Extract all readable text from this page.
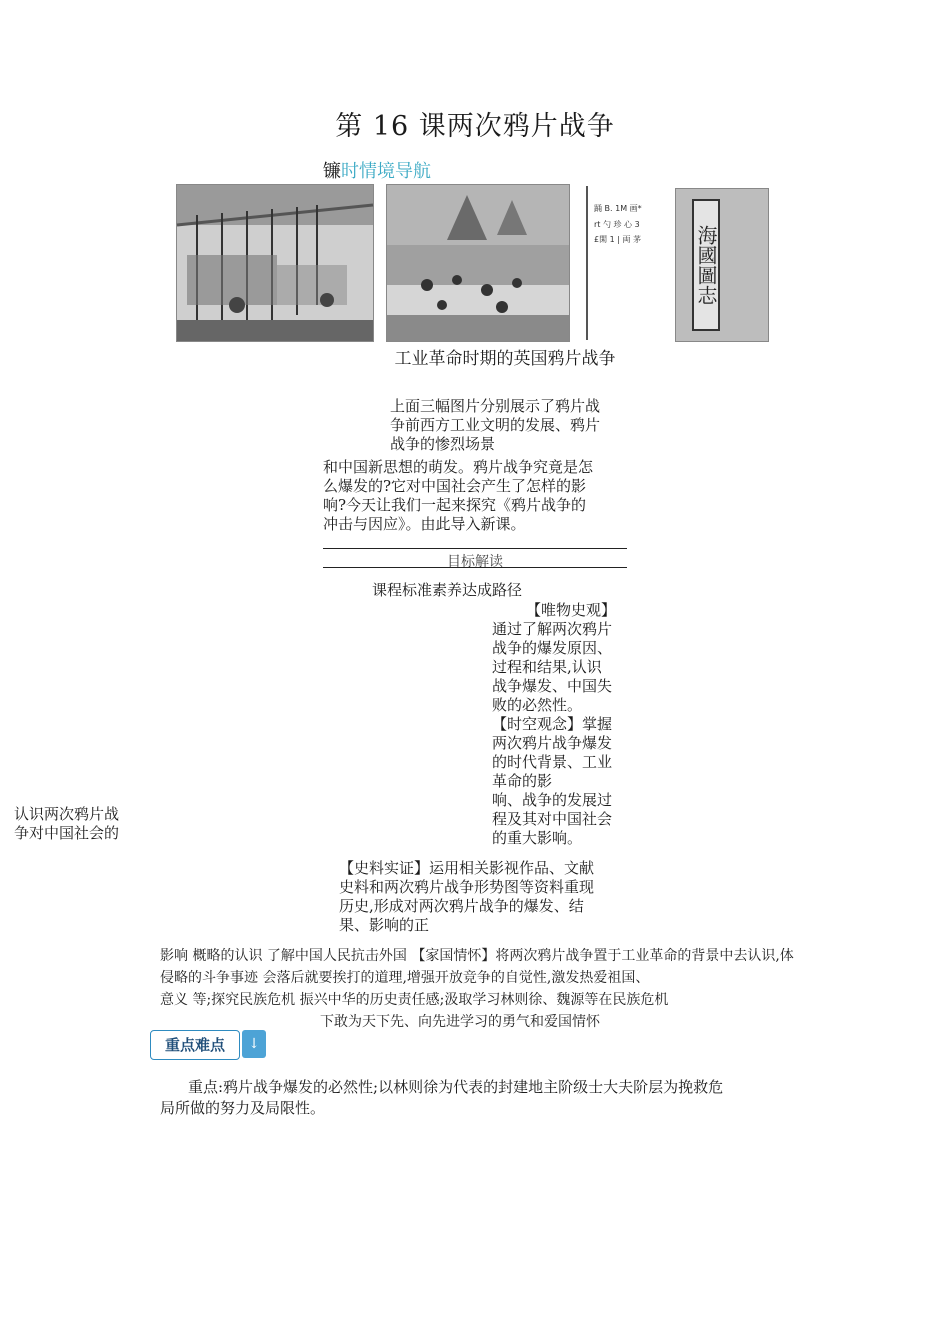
第 16 课两次鸦片战争
镰时情境导航
踊 B. 1M 画*
rt 勺 珍 心 3
£閑 1 | 両 茅	海國圖志
工业革命时期的英国鸦片战争
上面三幅图片分别展示了鸦片战
争前西方工业文明的发展、鸦片
战争的惨烈场景
和中国新思想的萌发。鸦片战争究竟是怎
么爆发的?它对中国社会产生了怎样的影
响?今天让我们一起来探究《鸦片战争的
冲击与因应》。由此导入新课。
目标解读
课程标准素养达成路径
【唯物史观】
通过了解两次鸦片
战争的爆发原因、
过程和结果,认识
战争爆发、中国失
败的必然性。
【时空观念】掌握
两次鸦片战争爆发
的时代背景、工业
革命的影
响、战争的发展过
程及其对中国社会
的重大影响。
认识两次鸦片战
争对中国社会的
【史料实证】运用相关影视作品、文献
史料和两次鸦片战争形势图等资料重现
历史,形成对两次鸦片战争的爆发、结
果、影响的正
影响 概略的认识 了解中国人民抗击外国 【家国情怀】将两次鸦片战争置于工业革命的背景中去认识,体
侵略的斗争事迹 会落后就要挨打的道理,增强开放竞争的自觉性,激发热爱祖国、
意义 等;探究民族危机 振兴中华的历史责任感;汲取学习林则徐、魏源等在民族危机
下敢为天下先、向先进学习的勇气和爱国情怀
重点难点	↓
重点:鸦片战争爆发的必然性;以林则徐为代表的封建地主阶级士大夫阶层为挽救危
局所做的努力及局限性。
